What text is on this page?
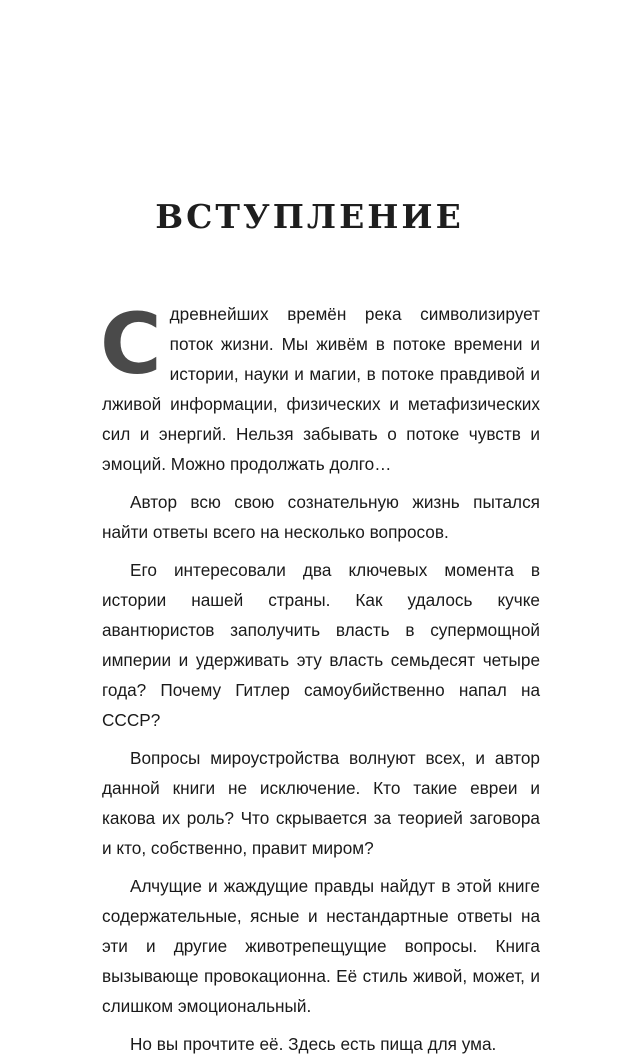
ВСТУПЛЕНИЕ

Сдревнейших времён река символизирует поток жизни. Мы живём в потоке времени и истории, науки и магии, в потоке правдивой и лживой информации, физических и метафизических сил и энергий. Нельзя забывать о потоке чувств и эмоций. Можно продолжать долго…

Автор всю свою сознательную жизнь пытался найти ответы всего на несколько вопросов.

Его интересовали два ключевых момента в истории нашей страны. Как удалось кучке авантюристов заполучить власть в супермощной империи и удерживать эту власть семьдесят четыре года? Почему Гитлер самоубийственно напал на СССР?

Вопросы мироустройства волнуют всех, и автор данной книги не исключение. Кто такие евреи и какова их роль? Что скрывается за теорией заговора и кто, собственно, правит миром?

Алчущие и жаждущие правды найдут в этой книге содержательные, ясные и нестандартные ответы на эти и другие животрепещущие вопросы. Книга вызывающе провокационна. Её стиль живой, может, и слишком эмоциональный.

Но вы прочтите её. Здесь есть пища для ума.
